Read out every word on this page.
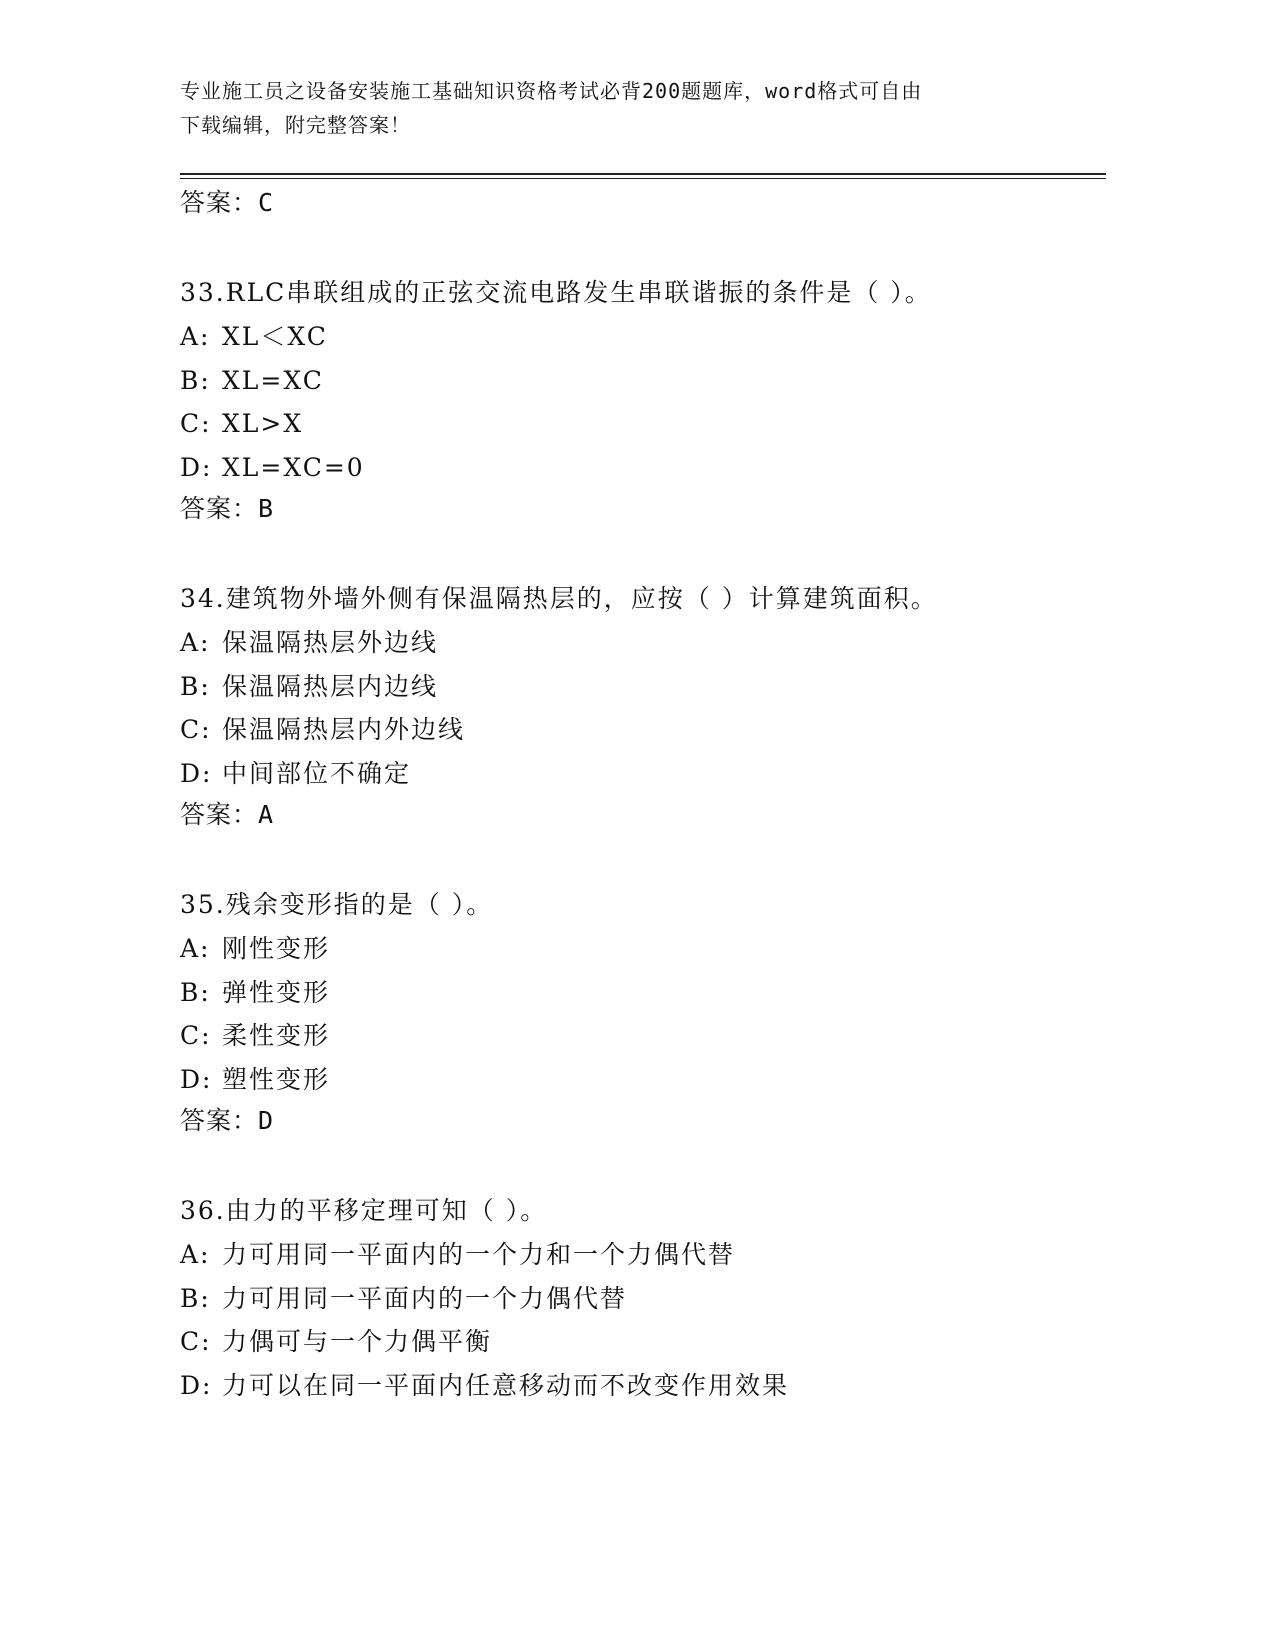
专业施工员之设备安装施工基础知识资格考试必背200题题库，word格式可自由
下载编辑，附完整答案！
答案：C
33.RLC串联组成的正弦交流电路发生串联谐振的条件是（ ）。
A: XL＜XC
B: XL=XC
C: XL>X
D: XL=XC=0
答案：B
34.建筑物外墙外侧有保温隔热层的，应按（ ）计算建筑面积。
A: 保温隔热层外边线
B: 保温隔热层内边线
C: 保温隔热层内外边线
D: 中间部位不确定
答案：A
35.残余变形指的是（ ）。
A: 刚性变形
B: 弹性变形
C: 柔性变形
D: 塑性变形
答案：D
36.由力的平移定理可知（ ）。
A: 力可用同一平面内的一个力和一个力偶代替
B: 力可用同一平面内的一个力偶代替
C: 力偶可与一个力偶平衡
D: 力可以在同一平面内任意移动而不改变作用效果
